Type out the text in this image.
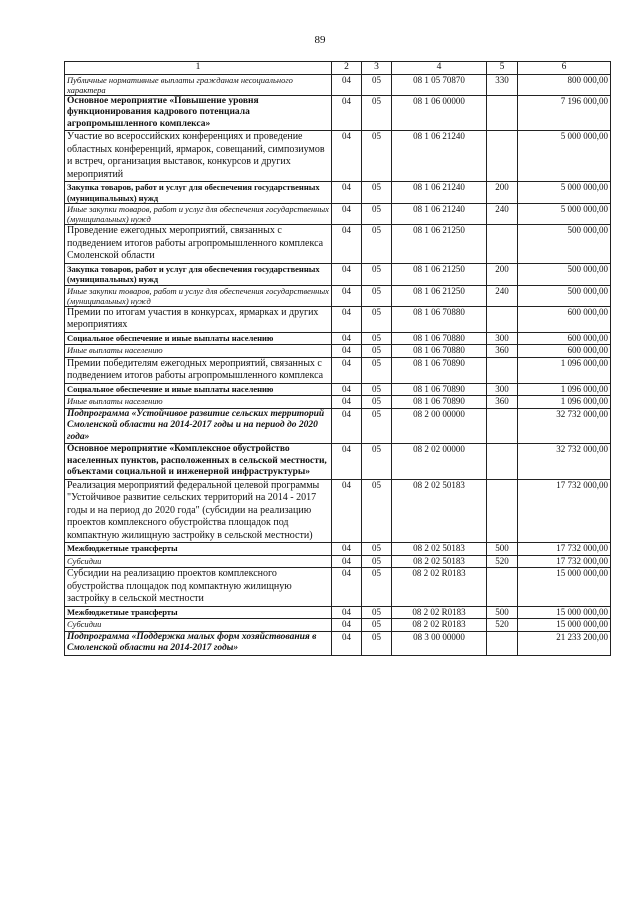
89
1	2	3	4	5	6
Публичные нормативные выплаты гражданам несоциального характера	04	05	08 1 05 70870	330	800 000,00
Основное мероприятие «Повышение уровня функционирования кадрового потенциала агропромышленного комплекса»	04	05	08 1 06 00000		7 196 000,00
Участие во всероссийских конференциях и проведение областных конференций, ярмарок, совещаний, симпозиумов и встреч, организация выставок, конкурсов и других мероприятий	04	05	08 1 06 21240		5 000 000,00
Закупка товаров, работ и услуг для обеспечения государственных (муниципальных) нужд	04	05	08 1 06 21240	200	5 000 000,00
Иные закупки товаров, работ и услуг для обеспечения государственных (муниципальных) нужд	04	05	08 1 06 21240	240	5 000 000,00
Проведение ежегодных мероприятий, связанных с подведением итогов работы агропромышленного комплекса Смоленской области	04	05	08 1 06 21250		500 000,00
Закупка товаров, работ и услуг для обеспечения государственных (муниципальных) нужд	04	05	08 1 06 21250	200	500 000,00
Иные закупки товаров, работ и услуг для обеспечения государственных (муниципальных) нужд	04	05	08 1 06 21250	240	500 000,00
Премии по итогам участия в конкурсах, ярмарках и других мероприятиях	04	05	08 1 06 70880		600 000,00
Социальное обеспечение и иные выплаты населению	04	05	08 1 06 70880	300	600 000,00
Иные выплаты населению	04	05	08 1 06 70880	360	600 000,00
Премии победителям ежегодных мероприятий, связанных с подведением итогов работы агропромышленного комплекса	04	05	08 1 06 70890		1 096 000,00
Социальное обеспечение и иные выплаты населению	04	05	08 1 06 70890	300	1 096 000,00
Иные выплаты населению	04	05	08 1 06 70890	360	1 096 000,00
Подпрограмма «Устойчивое развитие сельских территорий Смоленской области на 2014-2017 годы и на период до 2020 года»	04	05	08 2 00 00000		32 732 000,00
Основное мероприятие «Комплексное обустройство населенных пунктов, расположенных в сельской местности, объектами социальной и инженерной инфраструктуры»	04	05	08 2 02 00000		32 732 000,00
Реализация мероприятий федеральной целевой программы "Устойчивое развитие сельских территорий на 2014 - 2017 годы и на период до 2020 года" (субсидии на реализацию проектов комплексного обустройства площадок под компактную жилищную застройку в сельской местности)	04	05	08 2 02 50183		17 732 000,00
Межбюджетные трансферты	04	05	08 2 02 50183	500	17 732 000,00
Субсидии	04	05	08 2 02 50183	520	17 732 000,00
Субсидии на реализацию проектов комплексного обустройства площадок под компактную жилищную застройку в сельской местности	04	05	08 2 02 R0183		15 000 000,00
Межбюджетные трансферты	04	05	08 2 02 R0183	500	15 000 000,00
Субсидии	04	05	08 2 02 R0183	520	15 000 000,00
Подпрограмма «Поддержка малых форм хозяйствования в Смоленской области на 2014-2017 годы»	04	05	08 3 00 00000		21 233 200,00
